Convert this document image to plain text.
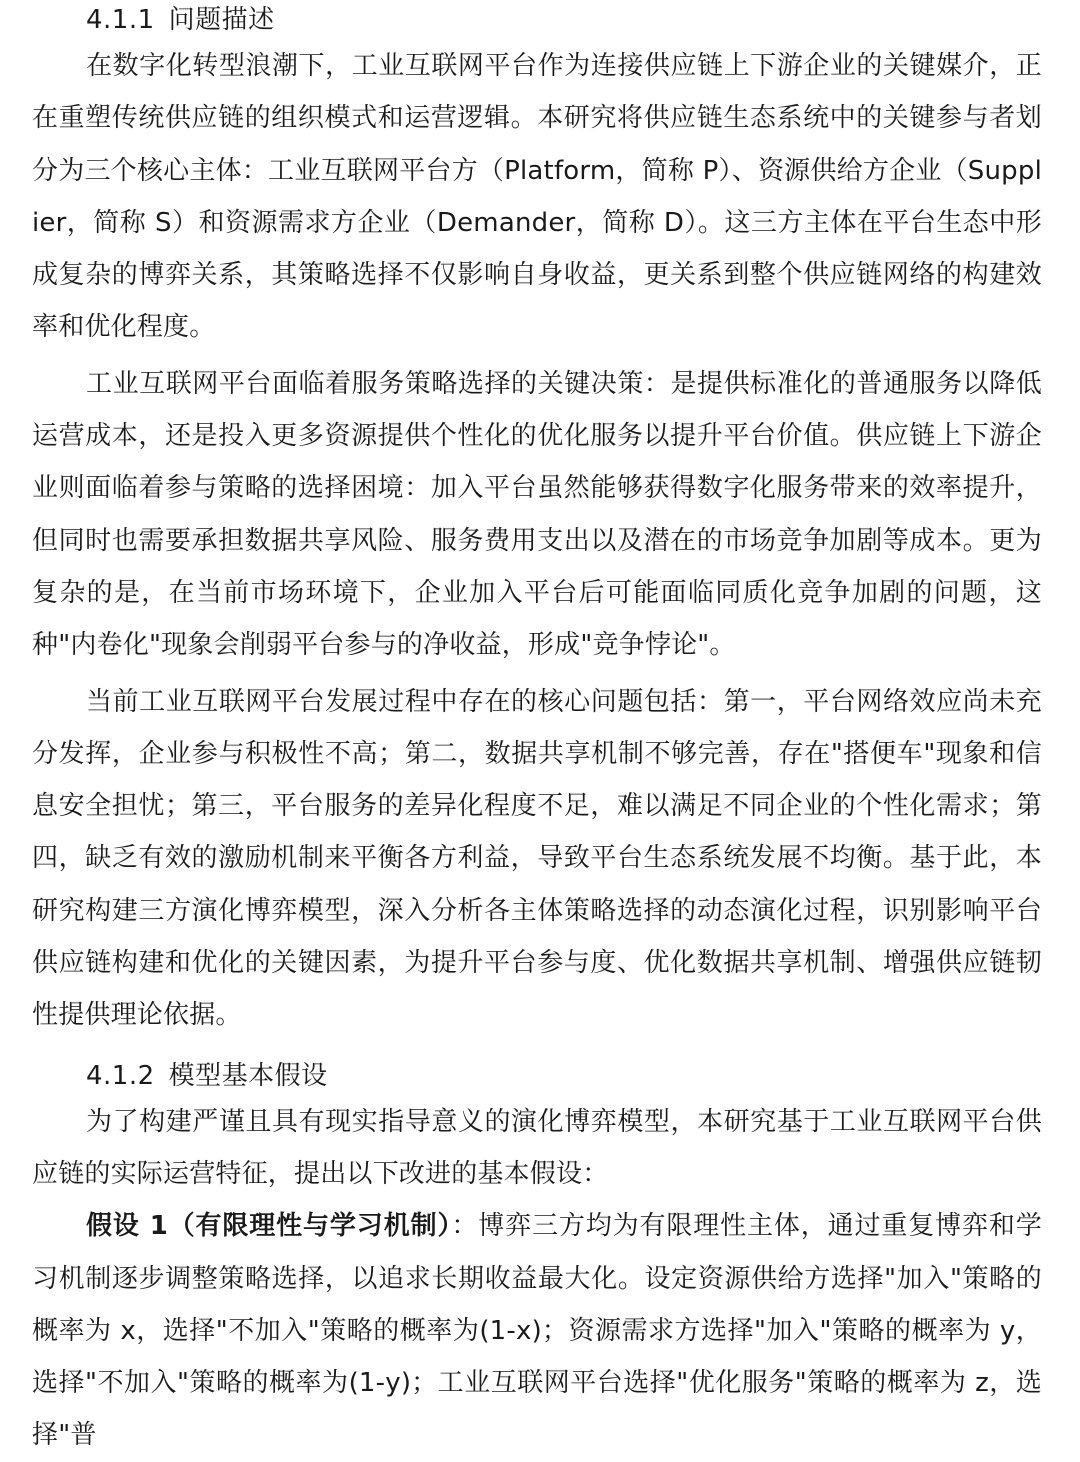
4.1.1 问题描述

在数字化转型浪潮下，工业互联网平台作为连接供应链上下游企业的关键媒介，正在重塑传统供应链的组织模式和运营逻辑。本研究将供应链生态系统中的关键参与者划分为三个核心主体：工业互联网平台方（Platform，简称 P）、资源供给方企业（Supplier，简称 S）和资源需求方企业（Demander，简称 D）。这三方主体在平台生态中形成复杂的博弈关系，其策略选择不仅影响自身收益，更关系到整个供应链网络的构建效率和优化程度。

工业互联网平台面临着服务策略选择的关键决策：是提供标准化的普通服务以降低运营成本，还是投入更多资源提供个性化的优化服务以提升平台价值。供应链上下游企业则面临着参与策略的选择困境：加入平台虽然能够获得数字化服务带来的效率提升，但同时也需要承担数据共享风险、服务费用支出以及潜在的市场竞争加剧等成本。更为复杂的是，在当前市场环境下，企业加入平台后可能面临同质化竞争加剧的问题，这种"内卷化"现象会削弱平台参与的净收益，形成"竞争悖论"。

当前工业互联网平台发展过程中存在的核心问题包括：第一，平台网络效应尚未充分发挥，企业参与积极性不高；第二，数据共享机制不够完善，存在"搭便车"现象和信息安全担忧；第三，平台服务的差异化程度不足，难以满足不同企业的个性化需求；第四，缺乏有效的激励机制来平衡各方利益，导致平台生态系统发展不均衡。基于此，本研究构建三方演化博弈模型，深入分析各主体策略选择的动态演化过程，识别影响平台供应链构建和优化的关键因素，为提升平台参与度、优化数据共享机制、增强供应链韧性提供理论依据。

4.1.2 模型基本假设

为了构建严谨且具有现实指导意义的演化博弈模型，本研究基于工业互联网平台供应链的实际运营特征，提出以下改进的基本假设：

假设 1（有限理性与学习机制）：博弈三方均为有限理性主体，通过重复博弈和学习机制逐步调整策略选择，以追求长期收益最大化。设定资源供给方选择"加入"策略的概率为 x，选择"不加入"策略的概率为(1-x)；资源需求方选择"加入"策略的概率为 y，选择"不加入"策略的概率为(1-y)；工业互联网平台选择"优化服务"策略的概率为 z，选择"普
